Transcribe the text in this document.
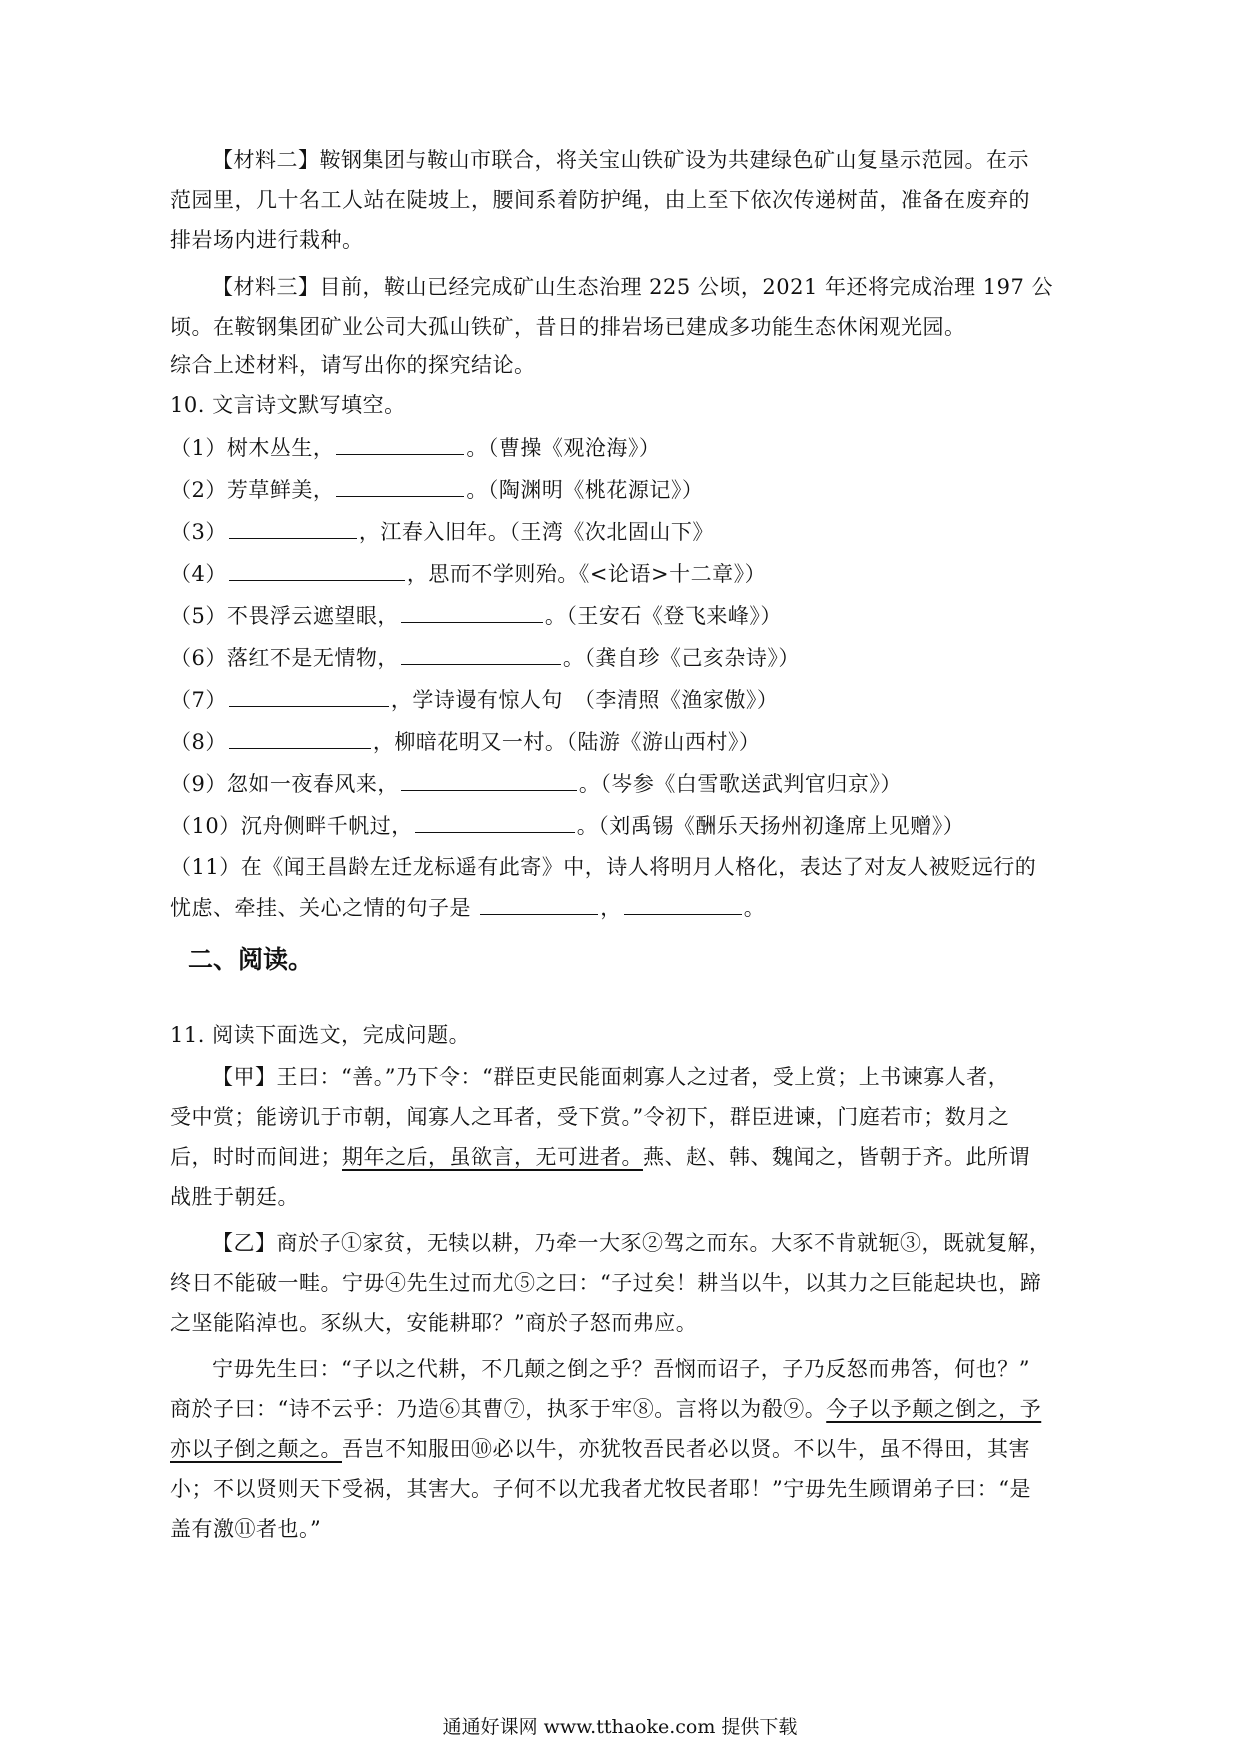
【材料二】鞍钢集团与鞍山市联合，将关宝山铁矿设为共建绿色矿山复垦示范园。在示
范园里，几十名工人站在陡坡上，腰间系着防护绳，由上至下依次传递树苗，准备在废弃的
排岩场内进行栽种。
【材料三】目前，鞍山已经完成矿山生态治理 225 公顷，2021 年还将完成治理 197 公
顷。在鞍钢集团矿业公司大孤山铁矿，昔日的排岩场已建成多功能生态休闲观光园。
综合上述材料，请写出你的探究结论。
10. 文言诗文默写填空。
（1）树木丛生，	。（曹操《观沧海》）
（2）芳草鲜美，	。（陶渊明《桃花源记》）
（3）	，江春入旧年。（王湾《次北固山下》
（4）	，思而不学则殆。《<论语>十二章》）
（5）不畏浮云遮望眼，	。（王安石《登飞来峰》）
（6）落红不是无情物，	。（龚自珍《己亥杂诗》）
（7）	，学诗谩有惊人句　（李清照《渔家傲》）
（8）	，柳暗花明又一村。（陆游《游山西村》）
（9）忽如一夜春风来，	。（岑参《白雪歌送武判官归京》）
（10）沉舟侧畔千帆过，	。（刘禹锡《酬乐天扬州初逢席上见赠》）
（11）在《闻王昌龄左迁龙标遥有此寄》中，诗人将明月人格化，表达了对友人被贬远行的
忧虑、牵挂、关心之情的句子是	，	。
二、阅读。
11. 阅读下面选文，完成问题。
【甲】王曰：“善。”乃下令：“群臣吏民能面刺寡人之过者，受上赏；上书谏寡人者，
受中赏；能谤讥于市朝，闻寡人之耳者，受下赏。”令初下，群臣进谏，门庭若市；数月之
后，时时而间进；期年之后，虽欲言，无可进者。燕、赵、韩、魏闻之，皆朝于齐。此所谓
战胜于朝廷。
【乙】商於子①家贫，无犊以耕，乃牵一大豕②驾之而东。大豕不肯就轭③，既就复解，
终日不能破一畦。宁毋④先生过而尤⑤之曰：“子过矣！耕当以牛，以其力之巨能起块也，蹄
之坚能陷淖也。豕纵大，安能耕耶？”商於子怒而弗应。
宁毋先生曰：“子以之代耕，不几颠之倒之乎？吾悯而诏子，子乃反怒而弗答，何也？”
商於子曰：“诗不云乎：乃造⑥其曹⑦，执豕于牢⑧。言将以为殽⑨。今子以予颠之倒之，予
亦以子倒之颠之。吾岂不知服田⑩必以牛，亦犹牧吾民者必以贤。不以牛，虽不得田，其害
小；不以贤则天下受祸，其害大。子何不以尤我者尤牧民者耶！”宁毋先生顾谓弟子曰：“是
盖有激⑪者也。”
通通好课网 www.tthaoke.com 提供下载
